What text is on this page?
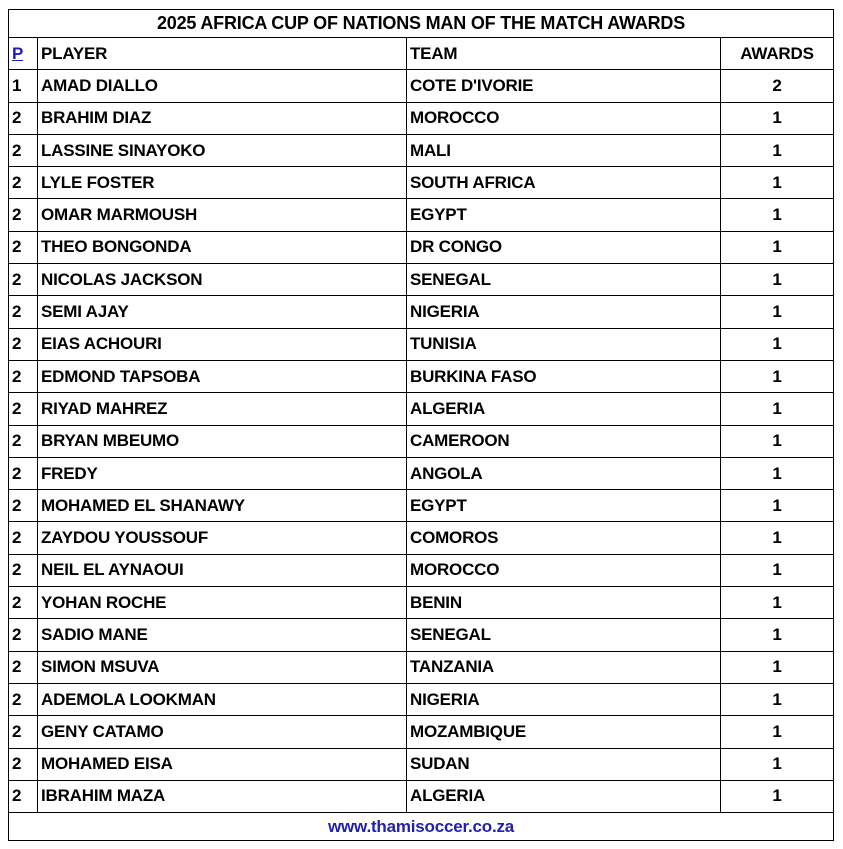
2025 AFRICA CUP OF NATIONS MAN OF THE MATCH AWARDS			
P	PLAYER	TEAM	AWARDS
1	AMAD DIALLO	COTE D'IVORIE	2
2	BRAHIM DIAZ	MOROCCO	1
2	LASSINE SINAYOKO	MALI	1
2	LYLE FOSTER	SOUTH AFRICA	1
2	OMAR MARMOUSH	EGYPT	1
2	THEO BONGONDA	DR CONGO	1
2	NICOLAS JACKSON	SENEGAL	1
2	SEMI AJAY	NIGERIA	1
2	EIAS ACHOURI	TUNISIA	1
2	EDMOND TAPSOBA	BURKINA FASO	1
2	RIYAD MAHREZ	ALGERIA	1
2	BRYAN MBEUMO	CAMEROON	1
2	FREDY	ANGOLA	1
2	MOHAMED EL SHANAWY	EGYPT	1
2	ZAYDOU YOUSSOUF	COMOROS	1
2	NEIL EL AYNAOUI	MOROCCO	1
2	YOHAN ROCHE	BENIN	1
2	SADIO MANE	SENEGAL	1
2	SIMON MSUVA	TANZANIA	1
2	ADEMOLA LOOKMAN	NIGERIA	1
2	GENY CATAMO	MOZAMBIQUE	1
2	MOHAMED EISA	SUDAN	1
2	IBRAHIM MAZA	ALGERIA	1
www.thamisoccer.co.za			
